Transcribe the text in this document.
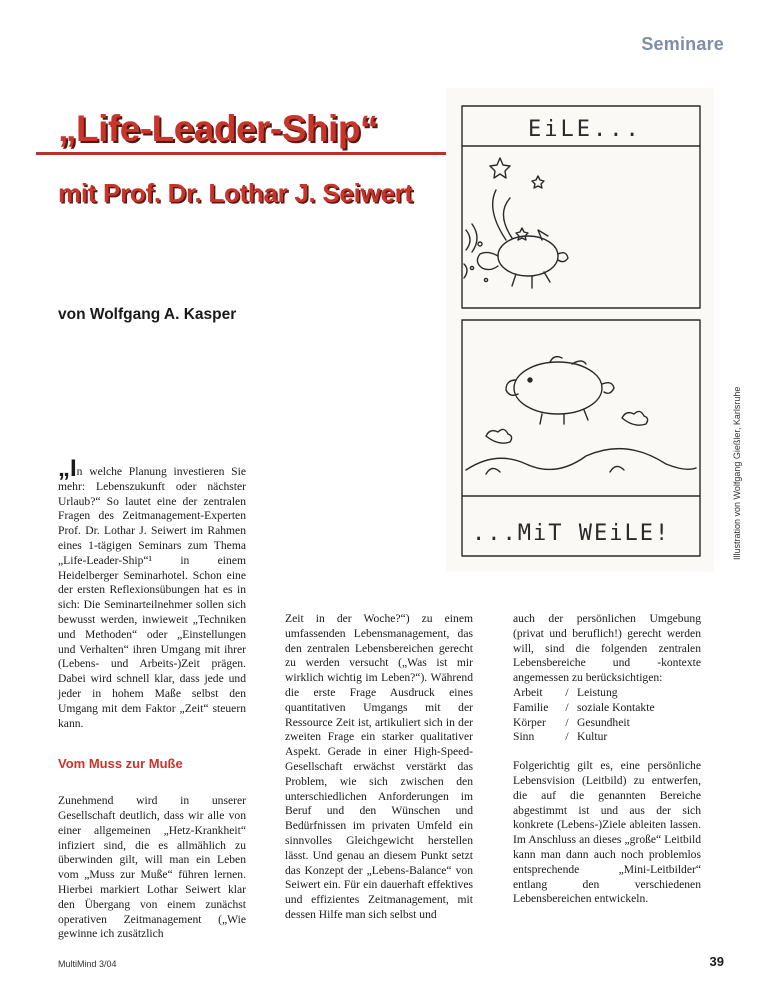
Seminare
„Life-Leader-Ship“
mit Prof. Dr. Lothar J. Seiwert
von Wolfgang A. Kasper
EiLE...
...MiT WEiLE!	Illustration von Wolfgang Gießler, Karlsruhe

„In welche Planung investieren Sie mehr: Lebenszukunft oder nächster Urlaub?“ So lautet eine der zentralen Fragen des Zeitmanagement-Experten Prof. Dr. Lothar J. Seiwert im Rahmen eines 1-tägigen Seminars zum Thema „Life-Leader-Ship“¹ in einem Heidelberger Seminarhotel. Schon eine der ersten Reflexionsübungen hat es in sich: Die Seminarteilnehmer sollen sich bewusst werden, inwieweit „Techniken und Methoden“ oder „Einstellungen und Verhalten“ ihren Umgang mit ihrer (Lebens- und Arbeits-)Zeit prägen. Dabei wird schnell klar, dass jede und jeder in hohem Maße selbst den Umgang mit dem Faktor „Zeit“ steuern kann.

Vom Muss zur Muße

Zunehmend wird in unserer Gesellschaft deutlich, dass wir alle von einer allgemeinen „Hetz-Krankheit“ infiziert sind, die es allmählich zu überwinden gilt, will man ein Leben vom „Muss zur Muße“ führen lernen. Hierbei markiert Lothar Seiwert klar den Übergang von einem zunächst operativen Zeitmanagement („Wie gewinne ich zusätzlich

Zeit in der Woche?“) zu einem umfassenden Lebensmanagement, das den zentralen Lebensbereichen gerecht zu werden versucht („Was ist mir wirklich wichtig im Leben?“). Während die erste Frage Ausdruck eines quantitativen Umgangs mit der Ressource Zeit ist, artikuliert sich in der zweiten Frage ein starker qualitativer Aspekt. Gerade in einer High-Speed-Gesellschaft erwächst verstärkt das Problem, wie sich zwischen den unterschiedlichen Anforderungen im Beruf und den Wünschen und Bedürfnissen im privaten Umfeld ein sinnvolles Gleichgewicht herstellen lässt. Und genau an diesem Punkt setzt das Konzept der „Lebens-Balance“ von Seiwert ein. Für ein dauerhaft effektives und effizientes Zeitmanagement, mit dessen Hilfe man sich selbst und

auch der persönlichen Umgebung (privat und beruflich!) gerecht werden will, sind die folgenden zentralen Lebensbereiche und -kontexte angemessen zu berücksichtigen:

Arbeit	/	Leistung
Familie	/	soziale Kontakte
Körper	/	Gesundheit
Sinn	/	Kultur

Folgerichtig gilt es, eine persönliche Lebensvision (Leitbild) zu entwerfen, die auf die genannten Bereiche abgestimmt ist und aus der sich konkrete (Lebens-)Ziele ableiten lassen. Im Anschluss an dieses „große“ Leitbild kann man dann auch noch problemlos entsprechende „Mini-Leitbilder“ entlang den verschiedenen Lebensbereichen entwickeln.

MultiMind 3/04	39
